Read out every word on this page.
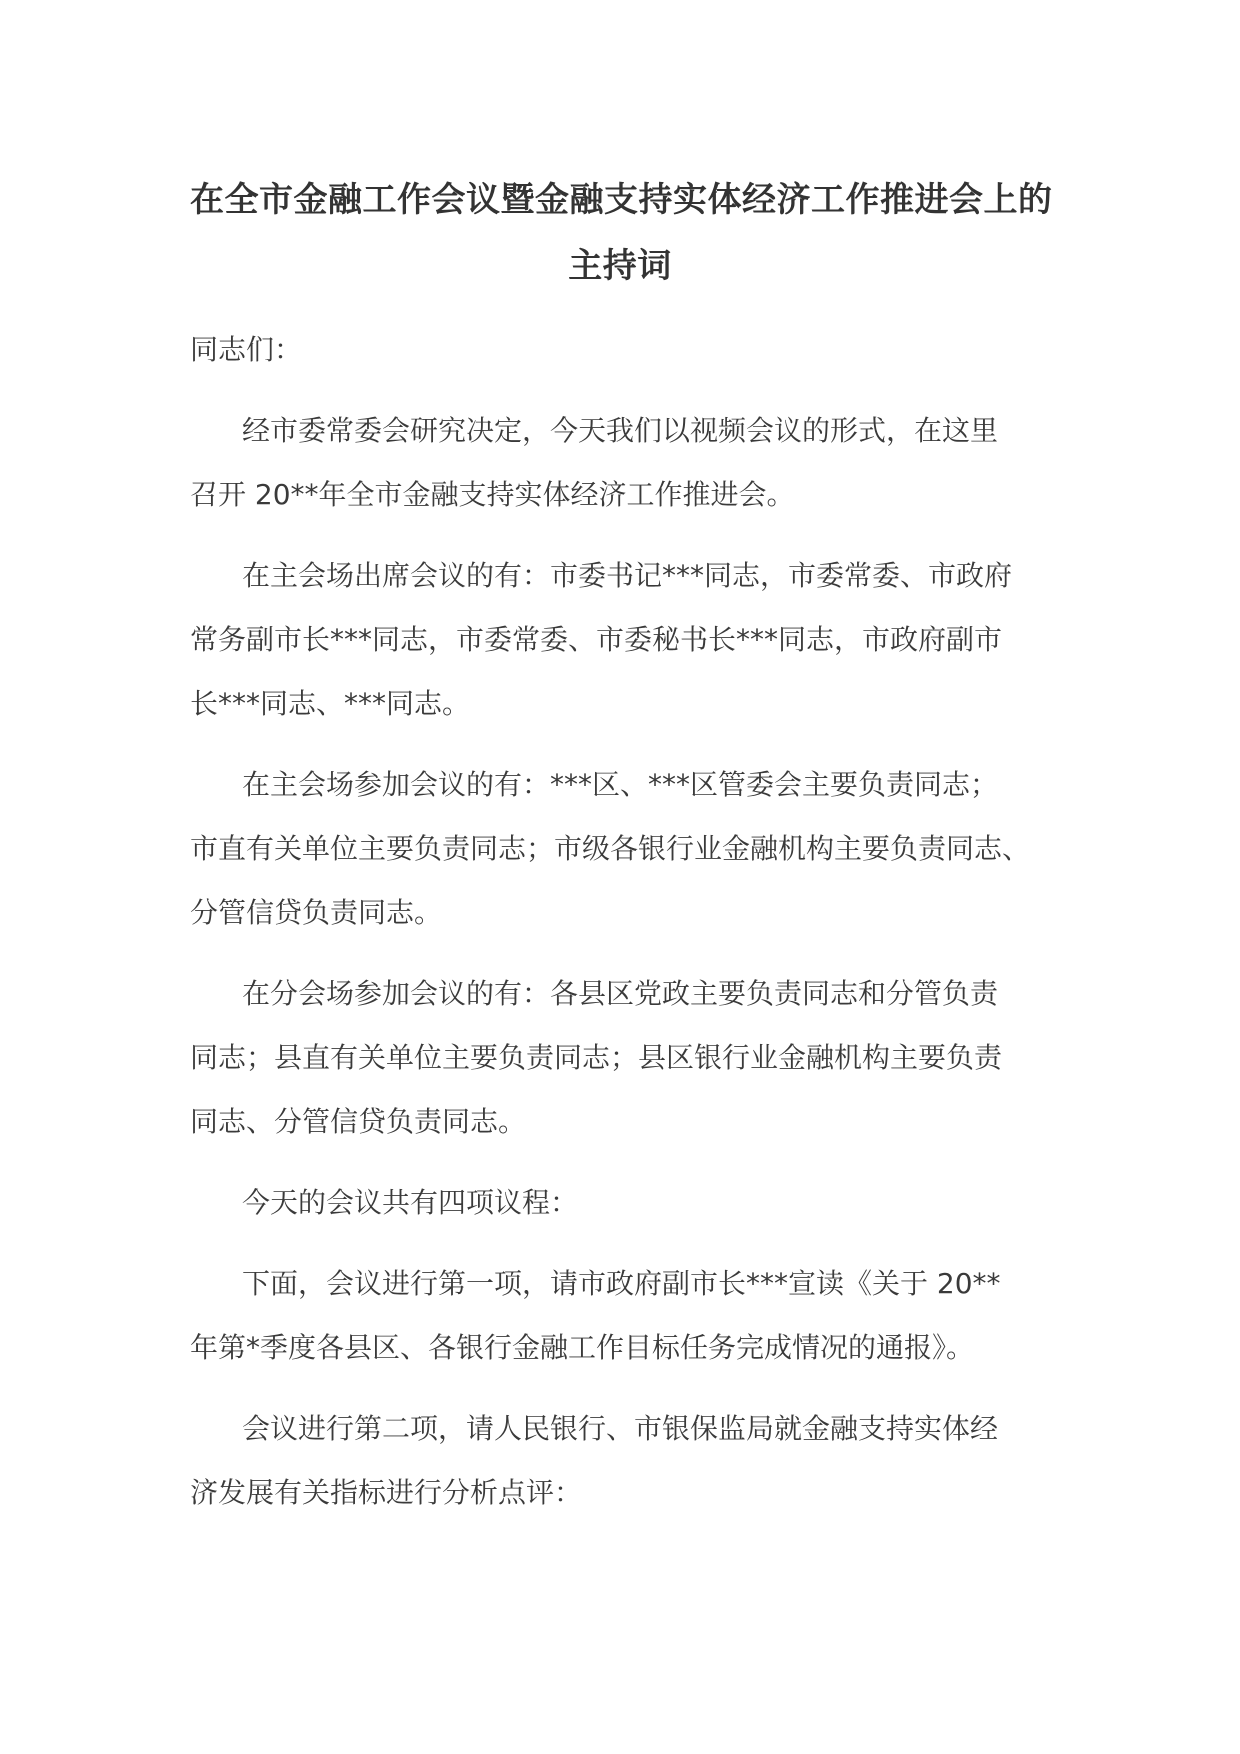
在全市金融工作会议暨金融支持实体经济工作推进会上的
主持词

同志们：

经市委常委会研究决定，今天我们以视频会议的形式，在这里
召开 20**年全市金融支持实体经济工作推进会。

在主会场出席会议的有：市委书记***同志，市委常委、市政府
常务副市长***同志，市委常委、市委秘书长***同志，市政府副市
长***同志、***同志。

在主会场参加会议的有：***区、***区管委会主要负责同志；
市直有关单位主要负责同志；市级各银行业金融机构主要负责同志、
分管信贷负责同志。

在分会场参加会议的有：各县区党政主要负责同志和分管负责
同志；县直有关单位主要负责同志；县区银行业金融机构主要负责
同志、分管信贷负责同志。

今天的会议共有四项议程：

下面，会议进行第一项，请市政府副市长***宣读《关于 20**
年第*季度各县区、各银行金融工作目标任务完成情况的通报》。

会议进行第二项，请人民银行、市银保监局就金融支持实体经
济发展有关指标进行分析点评：
